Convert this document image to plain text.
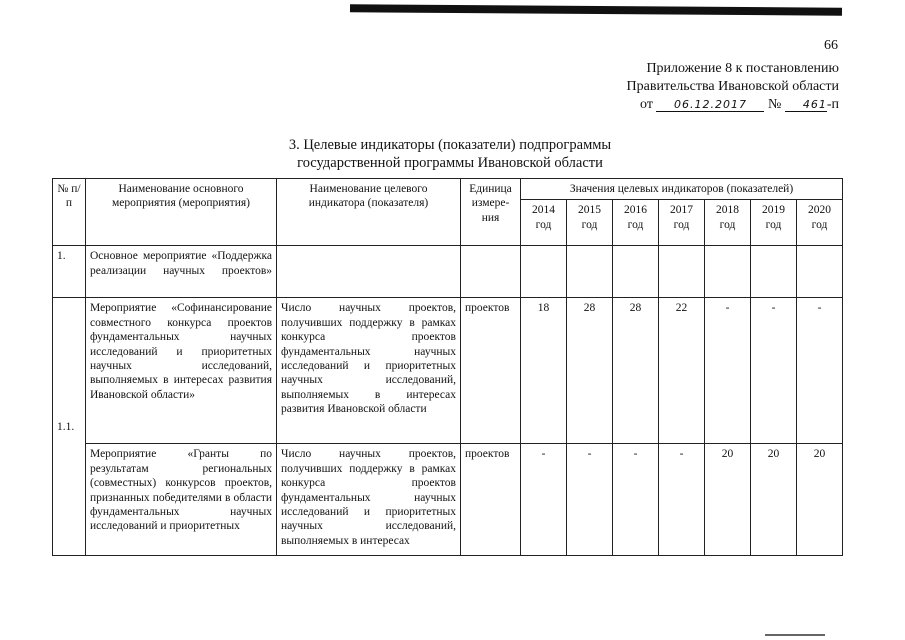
66
Приложение 8 к постановлению
Правительства Ивановской области
от 06.12.2017 № 461-п
3. Целевые индикаторы (показатели) подпрограммы
государственной программы Ивановской области
№ п/п	Наименование основного мероприятия (мероприятия)	Наименование целевого индикатора (показателя)	Единица измере-ния	Значения целевых индикаторов (показателей)						
				2014 год	2015 год	2016 год	2017 год	2018 год	2019 год	2020 год
1.	Основное мероприятие «Поддержка реализации научных проектов»									
1.1.	Мероприятие «Софинансирование совместного конкурса проектов фундаментальных научных исследований и приоритетных научных исследований, выполняемых в интересах развития Ивановской области»	Число научных проектов, получивших поддержку в рамках конкурса проектов фундаментальных научных исследований и приоритетных научных исследований, выполняемых в интересах развития Ивановской области	проектов	18	28	28	22	-	-	-

	Мероприятие «Гранты по результатам региональных (совместных) конкурсов проектов, признанных победителями в области фундаментальных научных исследований и приоритетных	Число научных проектов, получивших поддержку в рамках конкурса проектов фундаментальных научных исследований и приоритетных научных исследований, выполняемых в интересах	проектов	-	-	-	-	20	20	20
